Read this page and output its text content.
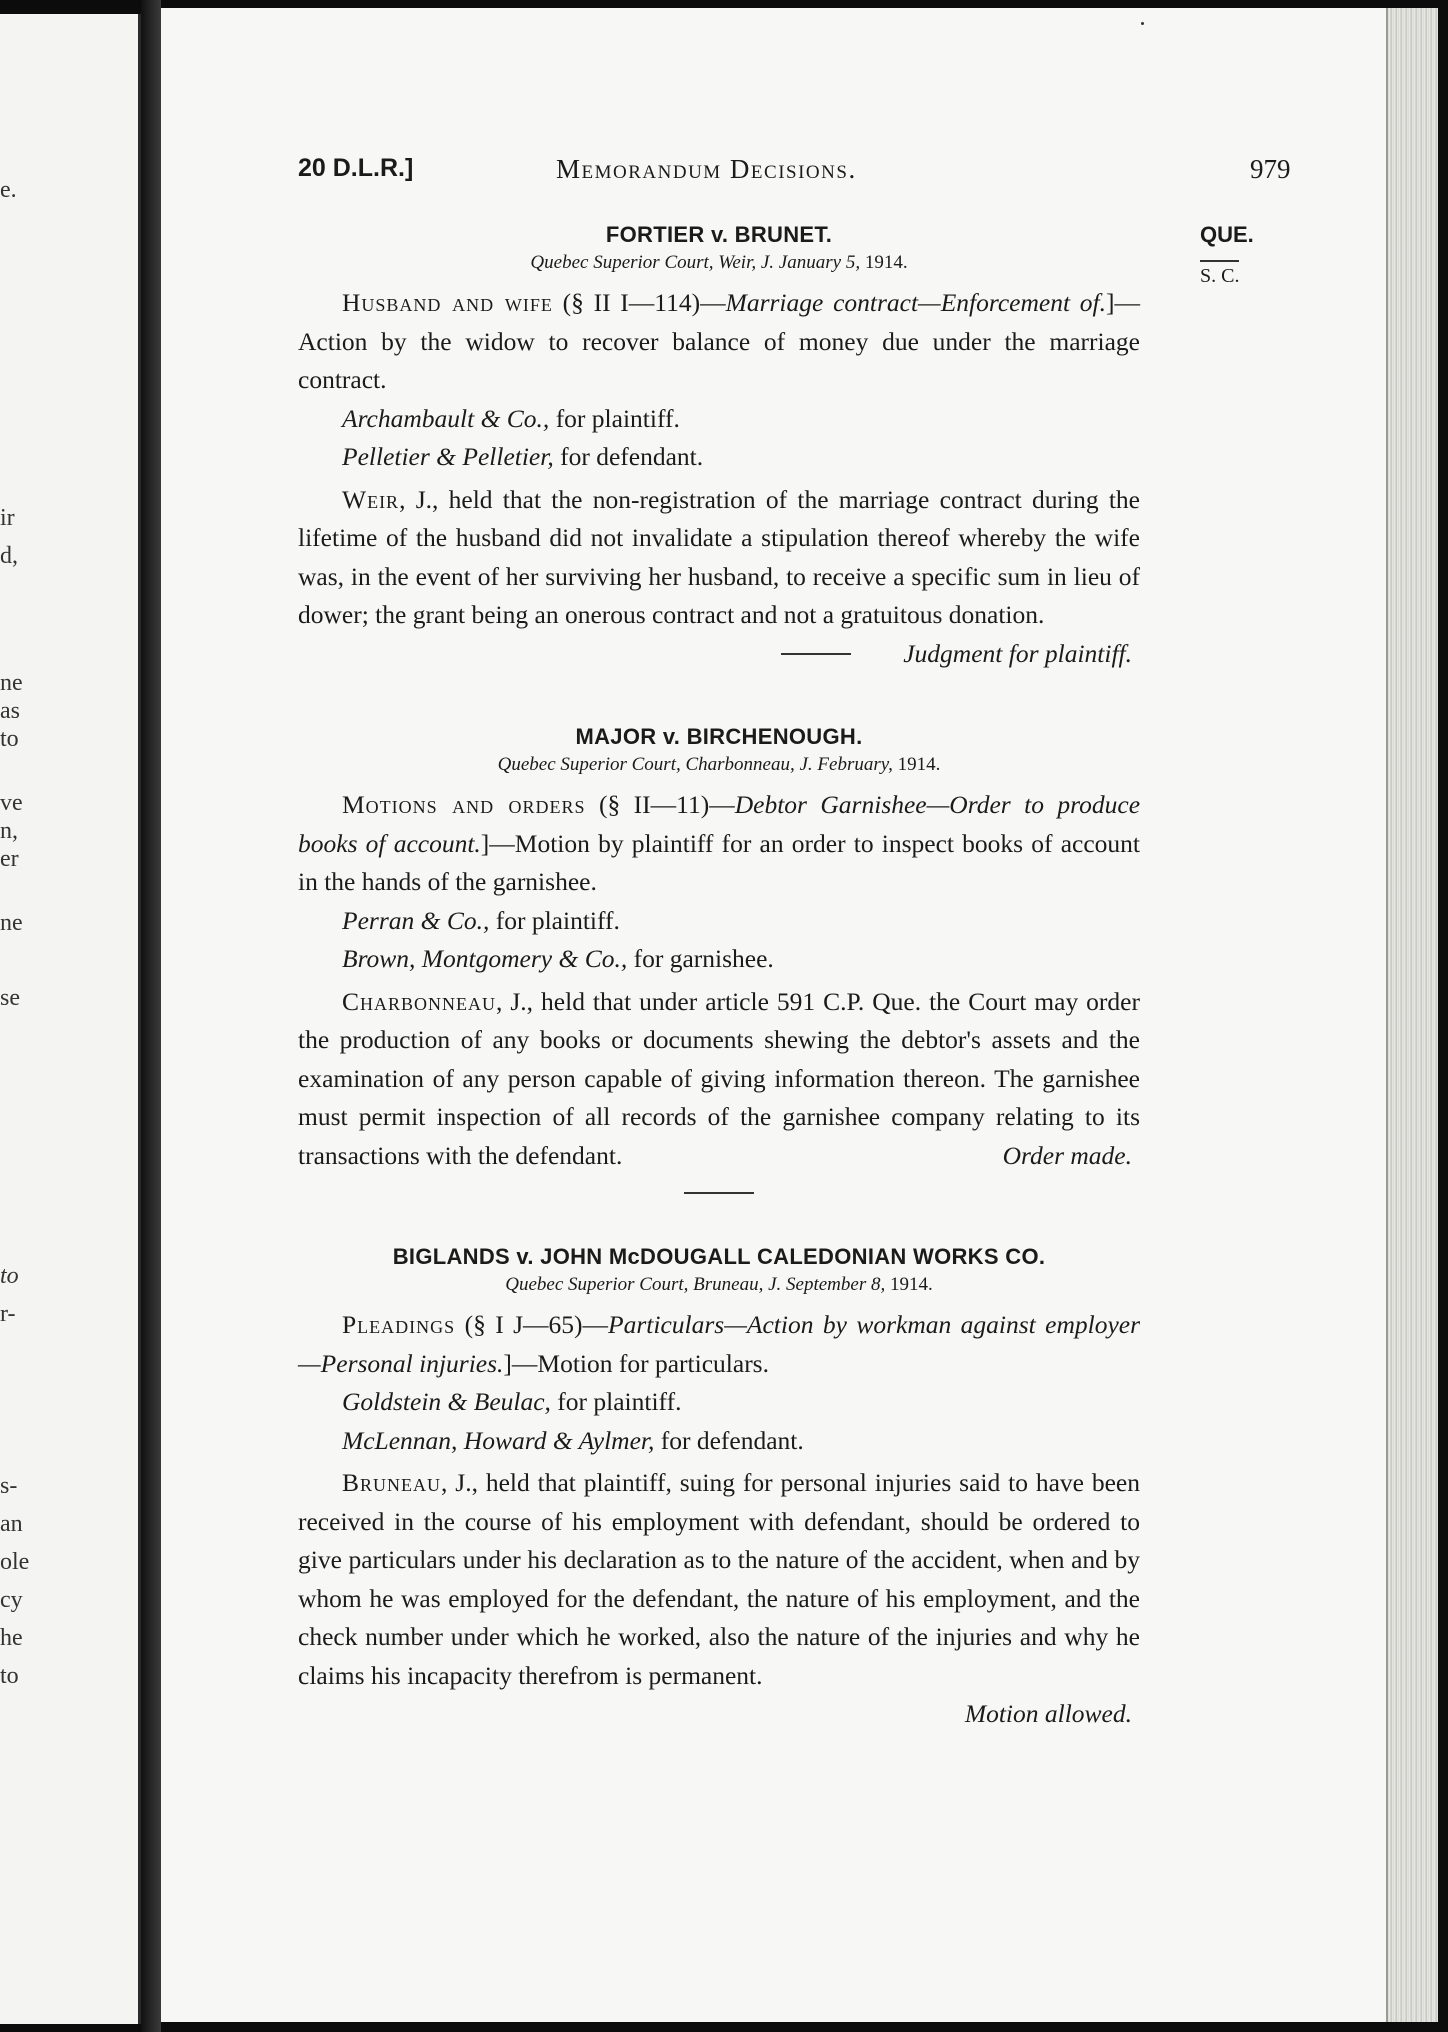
e.
ir
d,
ne
as
to
ve
n,
er
ne
se
to
r-
s-
an
ole
cy
he
to
20 D.L.R.]	Memorandum Decisions.	979
QUE.
S. C.
FORTIER v. BRUNET.
Quebec Superior Court, Weir, J. January 5, 1914.

Husband and wife (§ II I—114)—Marriage contract—Enforcement of.]—Action by the widow to recover balance of money due under the marriage contract.

Archambault & Co., for plaintiff.
Pelletier & Pelletier, for defendant.

Weir, J., held that the non-registration of the marriage contract during the lifetime of the husband did not invalidate a stipulation thereof whereby the wife was, in the event of her surviving her husband, to receive a specific sum in lieu of dower; the grant being an onerous contract and not a gratuitous donation.

Judgment for plaintiff.
MAJOR v. BIRCHENOUGH.
Quebec Superior Court, Charbonneau, J. February, 1914.

Motions and orders (§ II—11)—Debtor Garnishee—Order to produce books of account.]—Motion by plaintiff for an order to inspect books of account in the hands of the garnishee.

Perran & Co., for plaintiff.
Brown, Montgomery & Co., for garnishee.

Charbonneau, J., held that under article 591 C.P. Que. the Court may order the production of any books or documents shewing the debtor's assets and the examination of any person capable of giving information thereon. The garnishee must permit inspection of all records of the garnishee company relating to its transactions with the defendant.	Order made.
BIGLANDS v. JOHN McDOUGALL CALEDONIAN WORKS CO.
Quebec Superior Court, Bruneau, J. September 8, 1914.

Pleadings (§ I J—65)—Particulars—Action by workman against employer—Personal injuries.]—Motion for particulars.

Goldstein & Beulac, for plaintiff.
McLennan, Howard & Aylmer, for defendant.

Bruneau, J., held that plaintiff, suing for personal injuries said to have been received in the course of his employment with defendant, should be ordered to give particulars under his declaration as to the nature of the accident, when and by whom he was employed for the defendant, the nature of his employment, and the check number under which he worked, also the nature of the injuries and why he claims his incapacity therefrom is permanent.

Motion allowed.
